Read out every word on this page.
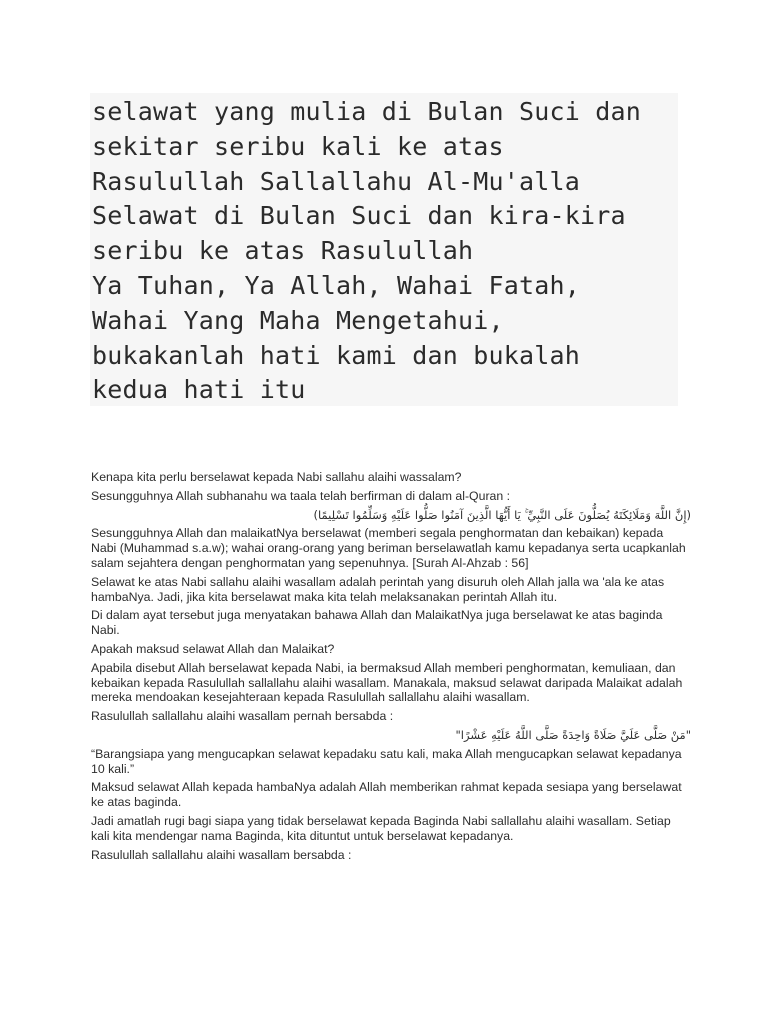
selawat yang mulia di Bulan Suci dan
sekitar seribu kali ke atas
Rasulullah Sallallahu Al-Mu'alla
Selawat di Bulan Suci dan kira-kira
seribu ke atas Rasulullah
Ya Tuhan, Ya Allah, Wahai Fatah,
Wahai Yang Maha Mengetahui,
bukakanlah hati kami dan bukalah
kedua hati itu

Kenapa kita perlu berselawat kepada Nabi sallahu alaihi wassalam?

Sesungguhnya Allah subhanahu wa taala telah berfirman di dalam al-Quran :

(إِنَّ اللَّهَ وَمَلَائِكَتَهُ يُصَلُّونَ عَلَى النَّبِيِّ ۚ يَا أَيُّهَا الَّذِينَ آمَنُوا صَلُّوا عَلَيْهِ وَسَلِّمُوا تَسْلِيمًا)

Sesungguhnya Allah dan malaikatNya berselawat (memberi segala penghormatan dan kebaikan) kepada Nabi (Muhammad s.a.w); wahai orang-orang yang beriman berselawatlah kamu kepadanya serta ucapkanlah salam sejahtera dengan penghormatan yang sepenuhnya. [Surah Al-Ahzab : 56]

Selawat ke atas Nabi sallahu alaihi wasallam adalah perintah yang disuruh oleh Allah jalla wa 'ala ke atas hambaNya. Jadi, jika kita berselawat maka kita telah melaksanakan perintah Allah itu.

Di dalam ayat tersebut juga menyatakan bahawa Allah dan MalaikatNya juga berselawat ke atas baginda Nabi.

Apakah maksud selawat Allah dan Malaikat?

Apabila disebut Allah berselawat kepada Nabi, ia bermaksud Allah memberi penghormatan, kemuliaan, dan kebaikan kepada Rasulullah sallallahu alaihi wasallam. Manakala, maksud selawat daripada Malaikat adalah mereka mendoakan kesejahteraan kepada Rasulullah sallallahu alaihi wasallam.

Rasulullah sallallahu alaihi wasallam pernah bersabda :

"مَنْ صَلَّى عَلَيَّ صَلَاةً وَاحِدَةً صَلَّى اللَّهُ عَلَيْهِ عَشْرًا"

“Barangsiapa yang mengucapkan selawat kepadaku satu kali, maka Allah mengucapkan selawat kepadanya 10 kali.”

Maksud selawat Allah kepada hambaNya adalah Allah memberikan rahmat kepada sesiapa yang berselawat ke atas baginda.

Jadi amatlah rugi bagi siapa yang tidak berselawat kepada Baginda Nabi sallallahu alaihi wasallam. Setiap kali kita mendengar nama Baginda, kita dituntut untuk berselawat kepadanya.

Rasulullah sallallahu alaihi wasallam bersabda :
